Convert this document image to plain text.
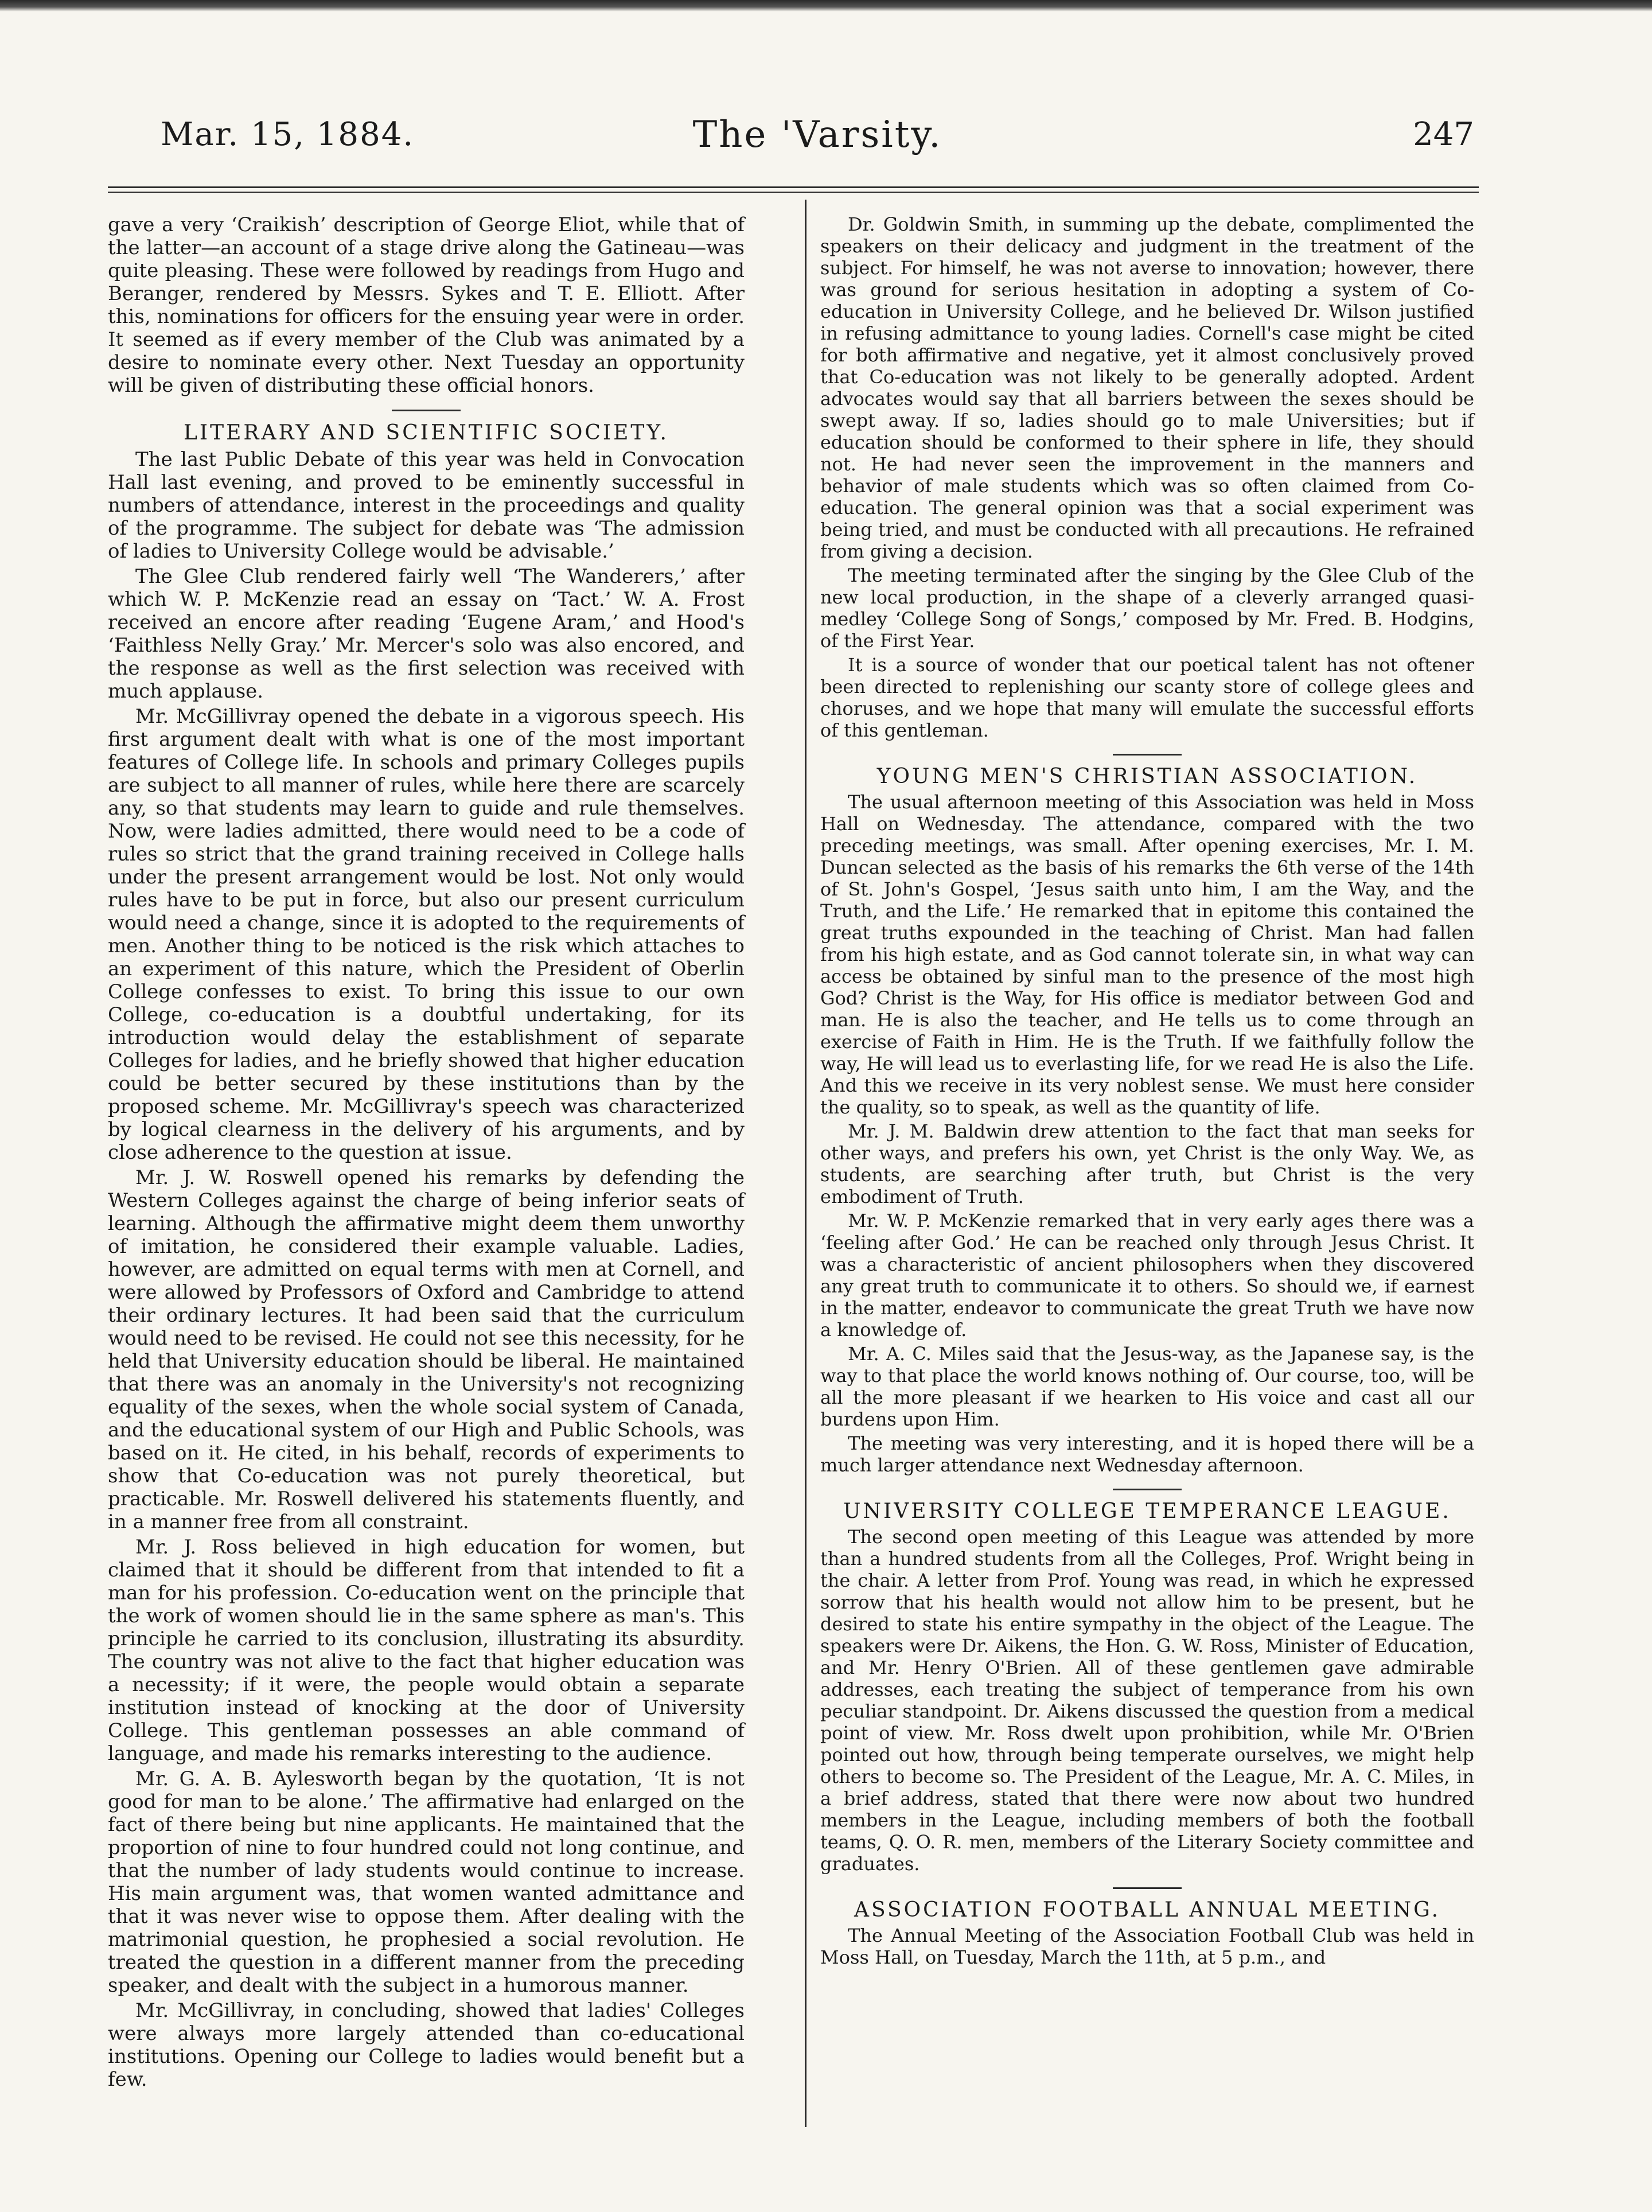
Mar. 15, 1884.	The 'Varsity.	247

gave a very ‘Craikish’ description of George Eliot, while that of the latter—an account of a stage drive along the Gatineau—was quite pleasing. These were followed by readings from Hugo and Beranger, rendered by Messrs. Sykes and T. E. Elliott. After this, nominations for officers for the ensuing year were in order. It seemed as if every member of the Club was animated by a desire to nominate every other. Next Tuesday an opportunity will be given of distributing these official honors.

LITERARY AND SCIENTIFIC SOCIETY.

The last Public Debate of this year was held in Convocation Hall last evening, and proved to be eminently successful in numbers of attendance, interest in the proceedings and quality of the programme. The subject for debate was ‘The admission of ladies to University College would be advisable.’

The Glee Club rendered fairly well ‘The Wanderers,’ after which W. P. McKenzie read an essay on ‘Tact.’ W. A. Frost received an encore after reading ‘Eugene Aram,’ and Hood's ‘Faithless Nelly Gray.’ Mr. Mercer's solo was also encored, and the response as well as the first selection was received with much applause.

Mr. McGillivray opened the debate in a vigorous speech. His first argument dealt with what is one of the most important features of College life. In schools and primary Colleges pupils are subject to all manner of rules, while here there are scarcely any, so that students may learn to guide and rule themselves. Now, were ladies admitted, there would need to be a code of rules so strict that the grand training received in College halls under the present arrangement would be lost. Not only would rules have to be put in force, but also our present curriculum would need a change, since it is adopted to the requirements of men. Another thing to be noticed is the risk which attaches to an experiment of this nature, which the President of Oberlin College confesses to exist. To bring this issue to our own College, co-education is a doubtful undertaking, for its introduction would delay the establishment of separate Colleges for ladies, and he briefly showed that higher education could be better secured by these institutions than by the proposed scheme. Mr. McGillivray's speech was characterized by logical clearness in the delivery of his arguments, and by close adherence to the question at issue.

Mr. J. W. Roswell opened his remarks by defending the Western Colleges against the charge of being inferior seats of learning. Although the affirmative might deem them unworthy of imitation, he considered their example valuable. Ladies, however, are admitted on equal terms with men at Cornell, and were allowed by Professors of Oxford and Cambridge to attend their ordinary lectures. It had been said that the curriculum would need to be revised. He could not see this necessity, for he held that University education should be liberal. He maintained that there was an anomaly in the University's not recognizing equality of the sexes, when the whole social system of Canada, and the educational system of our High and Public Schools, was based on it. He cited, in his behalf, records of experiments to show that Co-education was not purely theoretical, but practicable. Mr. Roswell delivered his statements fluently, and in a manner free from all constraint.

Mr. J. Ross believed in high education for women, but claimed that it should be different from that intended to fit a man for his profession. Co-education went on the principle that the work of women should lie in the same sphere as man's. This principle he carried to its conclusion, illustrating its absurdity. The country was not alive to the fact that higher education was a necessity; if it were, the people would obtain a separate institution instead of knocking at the door of University College. This gentleman possesses an able command of language, and made his remarks interesting to the audience.

Mr. G. A. B. Aylesworth began by the quotation, ‘It is not good for man to be alone.’ The affirmative had enlarged on the fact of there being but nine applicants. He maintained that the proportion of nine to four hundred could not long continue, and that the number of lady students would continue to increase. His main argument was, that women wanted admittance and that it was never wise to oppose them. After dealing with the matrimonial question, he prophesied a social revolution. He treated the question in a different manner from the preceding speaker, and dealt with the subject in a humorous manner.

Mr. McGillivray, in concluding, showed that ladies' Colleges were always more largely attended than co-educational institutions. Opening our College to ladies would benefit but a few.

Dr. Goldwin Smith, in summing up the debate, complimented the speakers on their delicacy and judgment in the treatment of the subject. For himself, he was not averse to innovation; however, there was ground for serious hesitation in adopting a system of Co-education in University College, and he believed Dr. Wilson justified in refusing admittance to young ladies. Cornell's case might be cited for both affirmative and negative, yet it almost conclusively proved that Co-education was not likely to be generally adopted. Ardent advocates would say that all barriers between the sexes should be swept away. If so, ladies should go to male Universities; but if education should be conformed to their sphere in life, they should not. He had never seen the improvement in the manners and behavior of male students which was so often claimed from Co-education. The general opinion was that a social experiment was being tried, and must be conducted with all precautions. He refrained from giving a decision.

The meeting terminated after the singing by the Glee Club of the new local production, in the shape of a cleverly arranged quasi-medley ‘College Song of Songs,’ composed by Mr. Fred. B. Hodgins, of the First Year.

It is a source of wonder that our poetical talent has not oftener been directed to replenishing our scanty store of college glees and choruses, and we hope that many will emulate the successful efforts of this gentleman.

YOUNG MEN'S CHRISTIAN ASSOCIATION.

The usual afternoon meeting of this Association was held in Moss Hall on Wednesday. The attendance, compared with the two preceding meetings, was small. After opening exercises, Mr. I. M. Duncan selected as the basis of his remarks the 6th verse of the 14th of St. John's Gospel, ‘Jesus saith unto him, I am the Way, and the Truth, and the Life.’ He remarked that in epitome this contained the great truths expounded in the teaching of Christ. Man had fallen from his high estate, and as God cannot tolerate sin, in what way can access be obtained by sinful man to the presence of the most high God? Christ is the Way, for His office is mediator between God and man. He is also the teacher, and He tells us to come through an exercise of Faith in Him. He is the Truth. If we faithfully follow the way, He will lead us to everlasting life, for we read He is also the Life. And this we receive in its very noblest sense. We must here consider the quality, so to speak, as well as the quantity of life.

Mr. J. M. Baldwin drew attention to the fact that man seeks for other ways, and prefers his own, yet Christ is the only Way. We, as students, are searching after truth, but Christ is the very embodiment of Truth.

Mr. W. P. McKenzie remarked that in very early ages there was a ‘feeling after God.’ He can be reached only through Jesus Christ. It was a characteristic of ancient philosophers when they discovered any great truth to communicate it to others. So should we, if earnest in the matter, endeavor to communicate the great Truth we have now a knowledge of.

Mr. A. C. Miles said that the Jesus-way, as the Japanese say, is the way to that place the world knows nothing of. Our course, too, will be all the more pleasant if we hearken to His voice and cast all our burdens upon Him.

The meeting was very interesting, and it is hoped there will be a much larger attendance next Wednesday afternoon.

UNIVERSITY COLLEGE TEMPERANCE LEAGUE.

The second open meeting of this League was attended by more than a hundred students from all the Colleges, Prof. Wright being in the chair. A letter from Prof. Young was read, in which he expressed sorrow that his health would not allow him to be present, but he desired to state his entire sympathy in the object of the League. The speakers were Dr. Aikens, the Hon. G. W. Ross, Minister of Education, and Mr. Henry O'Brien. All of these gentlemen gave admirable addresses, each treating the subject of temperance from his own peculiar standpoint. Dr. Aikens discussed the question from a medical point of view. Mr. Ross dwelt upon prohibition, while Mr. O'Brien pointed out how, through being temperate ourselves, we might help others to become so. The President of the League, Mr. A. C. Miles, in a brief address, stated that there were now about two hundred members in the League, including members of both the football teams, Q. O. R. men, members of the Literary Society committee and graduates.

ASSOCIATION FOOTBALL ANNUAL MEETING.

The Annual Meeting of the Association Football Club was held in Moss Hall, on Tuesday, March the 11th, at 5 p.m., and
